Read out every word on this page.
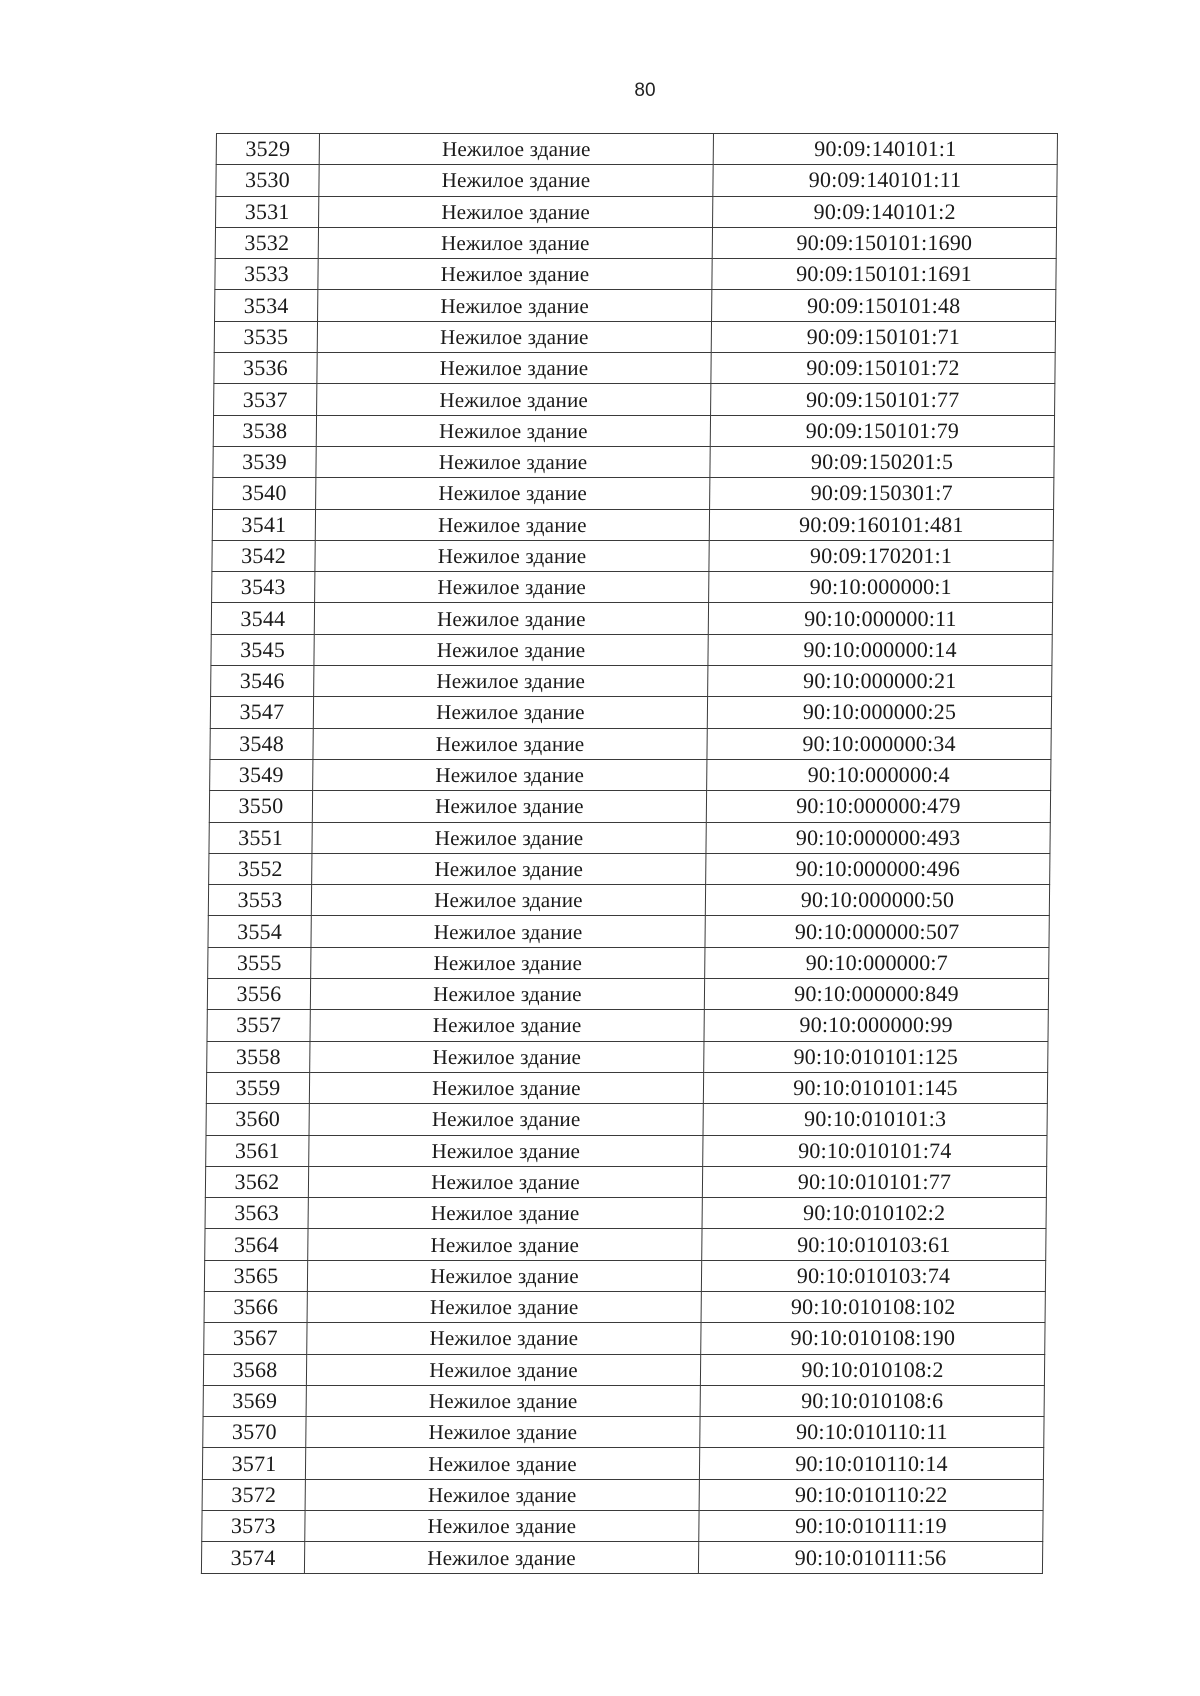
80
3529	Нежилое здание	90:09:140101:1
3530	Нежилое здание	90:09:140101:11
3531	Нежилое здание	90:09:140101:2
3532	Нежилое здание	90:09:150101:1690
3533	Нежилое здание	90:09:150101:1691
3534	Нежилое здание	90:09:150101:48
3535	Нежилое здание	90:09:150101:71
3536	Нежилое здание	90:09:150101:72
3537	Нежилое здание	90:09:150101:77
3538	Нежилое здание	90:09:150101:79
3539	Нежилое здание	90:09:150201:5
3540	Нежилое здание	90:09:150301:7
3541	Нежилое здание	90:09:160101:481
3542	Нежилое здание	90:09:170201:1
3543	Нежилое здание	90:10:000000:1
3544	Нежилое здание	90:10:000000:11
3545	Нежилое здание	90:10:000000:14
3546	Нежилое здание	90:10:000000:21
3547	Нежилое здание	90:10:000000:25
3548	Нежилое здание	90:10:000000:34
3549	Нежилое здание	90:10:000000:4
3550	Нежилое здание	90:10:000000:479
3551	Нежилое здание	90:10:000000:493
3552	Нежилое здание	90:10:000000:496
3553	Нежилое здание	90:10:000000:50
3554	Нежилое здание	90:10:000000:507
3555	Нежилое здание	90:10:000000:7
3556	Нежилое здание	90:10:000000:849
3557	Нежилое здание	90:10:000000:99
3558	Нежилое здание	90:10:010101:125
3559	Нежилое здание	90:10:010101:145
3560	Нежилое здание	90:10:010101:3
3561	Нежилое здание	90:10:010101:74
3562	Нежилое здание	90:10:010101:77
3563	Нежилое здание	90:10:010102:2
3564	Нежилое здание	90:10:010103:61
3565	Нежилое здание	90:10:010103:74
3566	Нежилое здание	90:10:010108:102
3567	Нежилое здание	90:10:010108:190
3568	Нежилое здание	90:10:010108:2
3569	Нежилое здание	90:10:010108:6
3570	Нежилое здание	90:10:010110:11
3571	Нежилое здание	90:10:010110:14
3572	Нежилое здание	90:10:010110:22
3573	Нежилое здание	90:10:010111:19
3574	Нежилое здание	90:10:010111:56
